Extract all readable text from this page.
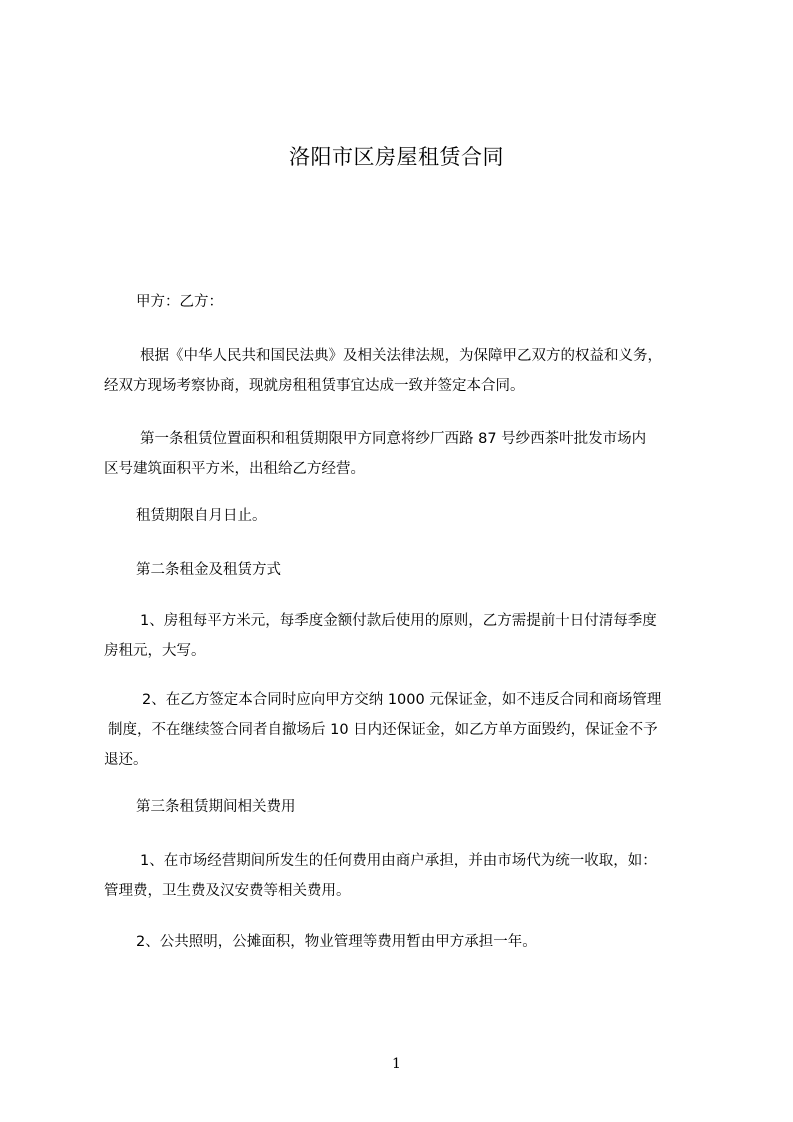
洛阳市区房屋租赁合同
甲方：乙方：
根据《中华人民共和国民法典》及相关法律法规，为保障甲乙双方的权益和义务，
经双方现场考察协商，现就房租租赁事宜达成一致并签定本合同。
第一条租赁位置面积和租赁期限甲方同意将纱厂西路 87 号纱西茶叶批发市场内
区号建筑面积平方米，出租给乙方经营。
租赁期限自月日止。
第二条租金及租赁方式
1、房租每平方米元，每季度金额付款后使用的原则，乙方需提前十日付清每季度
房租元，大写。
2、在乙方签定本合同时应向甲方交纳 1000 元保证金，如不违反合同和商场管理
制度，不在继续签合同者自撤场后 10 日内还保证金，如乙方单方面毁约，保证金不予
退还。
第三条租赁期间相关费用
1、在市场经营期间所发生的任何费用由商户承担，并由市场代为统一收取，如：
管理费，卫生费及汉安费等相关费用。
2、公共照明，公摊面积，物业管理等费用暂由甲方承担一年。
1
